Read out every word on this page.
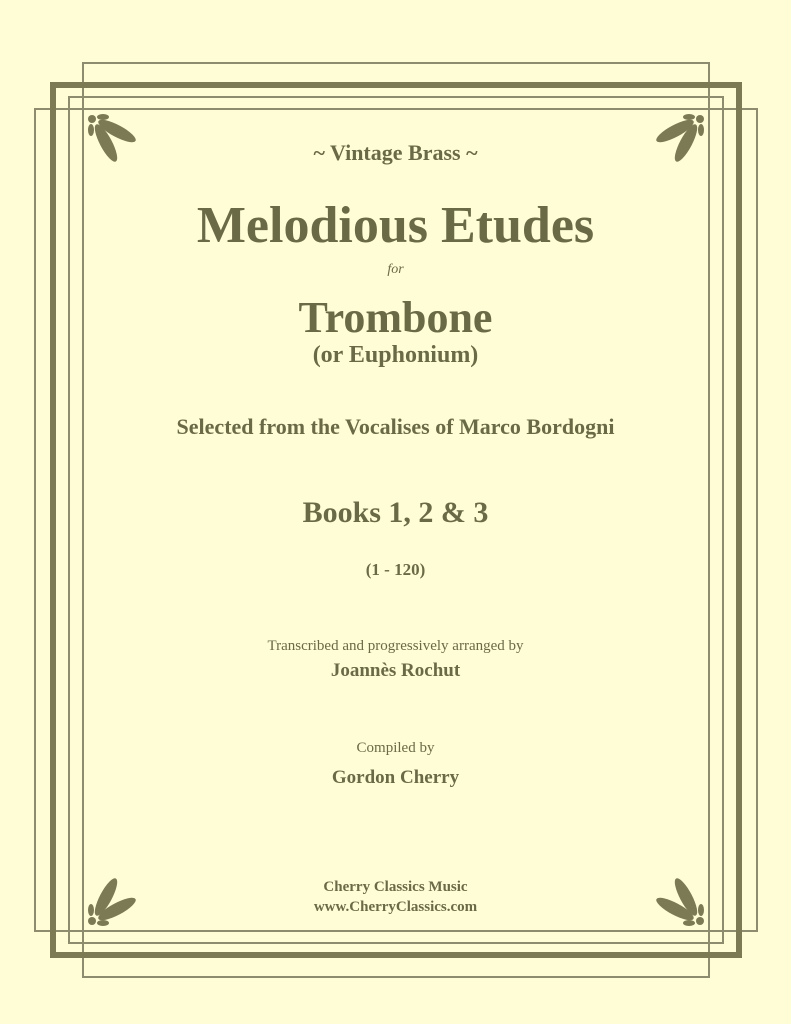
~ Vintage Brass ~
Melodious Etudes
for
Trombone
(or Euphonium)
Selected from the Vocalises of Marco Bordogni
Books 1, 2 & 3
(1 - 120)
Transcribed and progressively arranged by
Joannès Rochut
Compiled by
Gordon Cherry
Cherry Classics Music
www.CherryClassics.com
